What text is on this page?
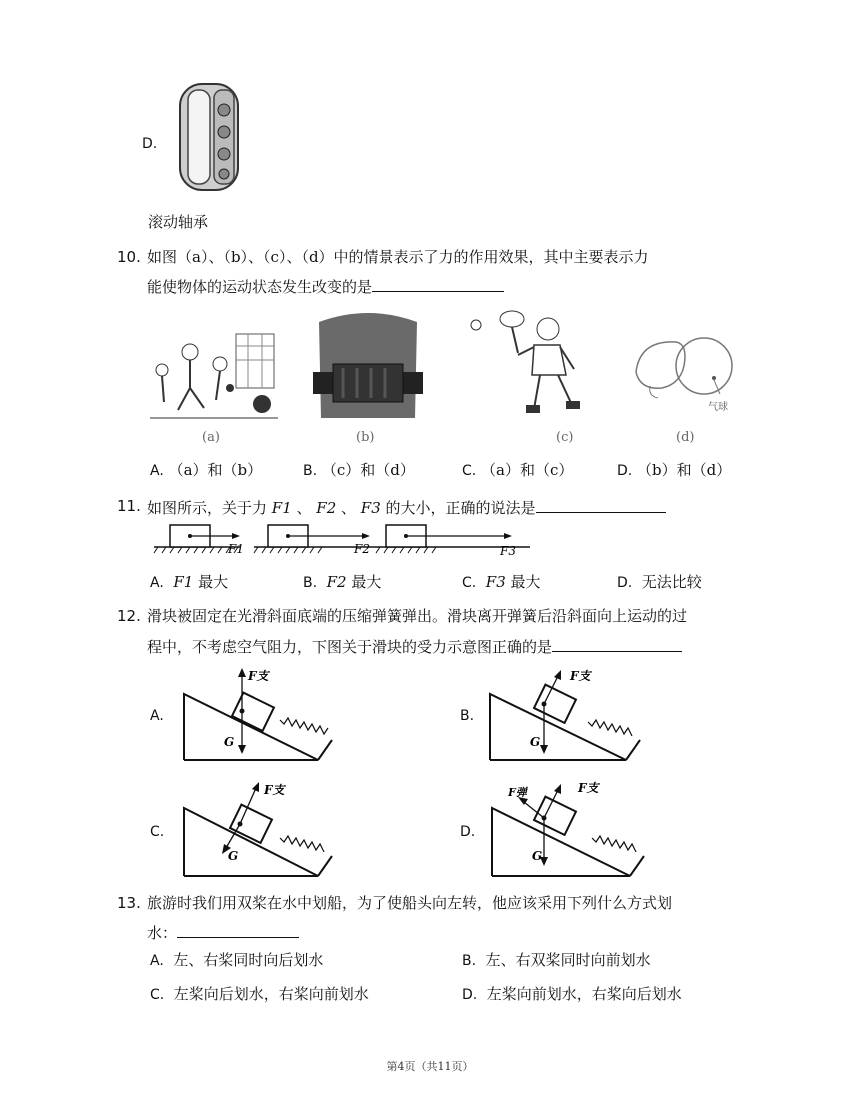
D.
滚动轴承
10. 如图（a）、（b）、（c）、（d）中的情景表示了力的作用效果，其中主要表示力
能使物体的运动状态发生改变的是
气球
(a)	(b)	(c)	(d)
A. （a）和（b）	B. （c）和（d）	C. （a）和（c）	D. （b）和（d）
11. 如图所示，关于力 F1 、 F2 、 F3 的大小，正确的说法是
F1	F2	F3
A. F1 最大	B. F2 最大	C. F3 最大	D. 无法比较
12. 滑块被固定在光滑斜面底端的压缩弹簧弹出。滑块离开弹簧后沿斜面向上运动的过
程中，不考虑空气阻力，下图关于滑块的受力示意图正确的是
A.
F支
G
B.
F支
G
C.
F支
G
D.
F弹	F支
G
13. 旅游时我们用双桨在水中划船，为了使船头向左转，他应该采用下列什么方式划
水：
A. 左、右桨同时向后划水	B. 左、右双桨同时向前划水
C. 左桨向后划水，右桨向前划水	D. 左桨向前划水，右桨向后划水
第4页（共11页）
